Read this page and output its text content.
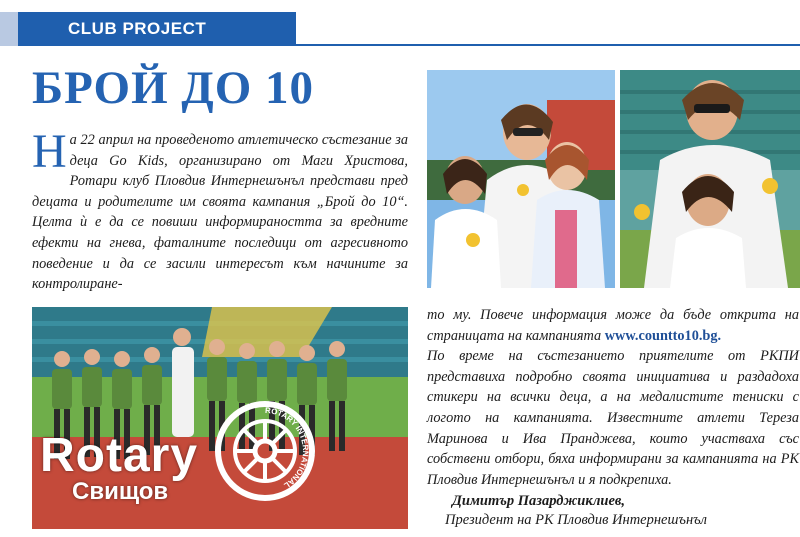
CLUB PROJECT
БРОЙ ДО 10

На 22 април на проведеното атлетическо състезание за деца Go Kids, организирано от Маги Христова, Ротари клуб Пловдив Интернешънъл представи пред децата и родителите им своята кампания „Брой до 10“. Целта ѝ е да се повиши информираността за вредните ефекти на гнева, фаталните последици от агресивното поведение и да се засили интересът към начините за контролиране-

Rotary

Свищов

ROTARY INTERNATIONAL

то му. Повече информация може да бъде открита на страницата на кампанията www.countto10.bg.
По време на състезанието приятелите от РКПИ представиха подробно своята инициатива и раздадоха стикери на всички деца, а на медалистите тениски с логото на кампанията. Известните атлети Тереза Маринова и Ива Пранджева, които участваха със собствени отбори, бяха информирани за кампанията на РК Пловдив Интернешънъл и я подкрепиха.

Димитър Пазарджиклиев,

Президент на РК Пловдив Интернешънъл
